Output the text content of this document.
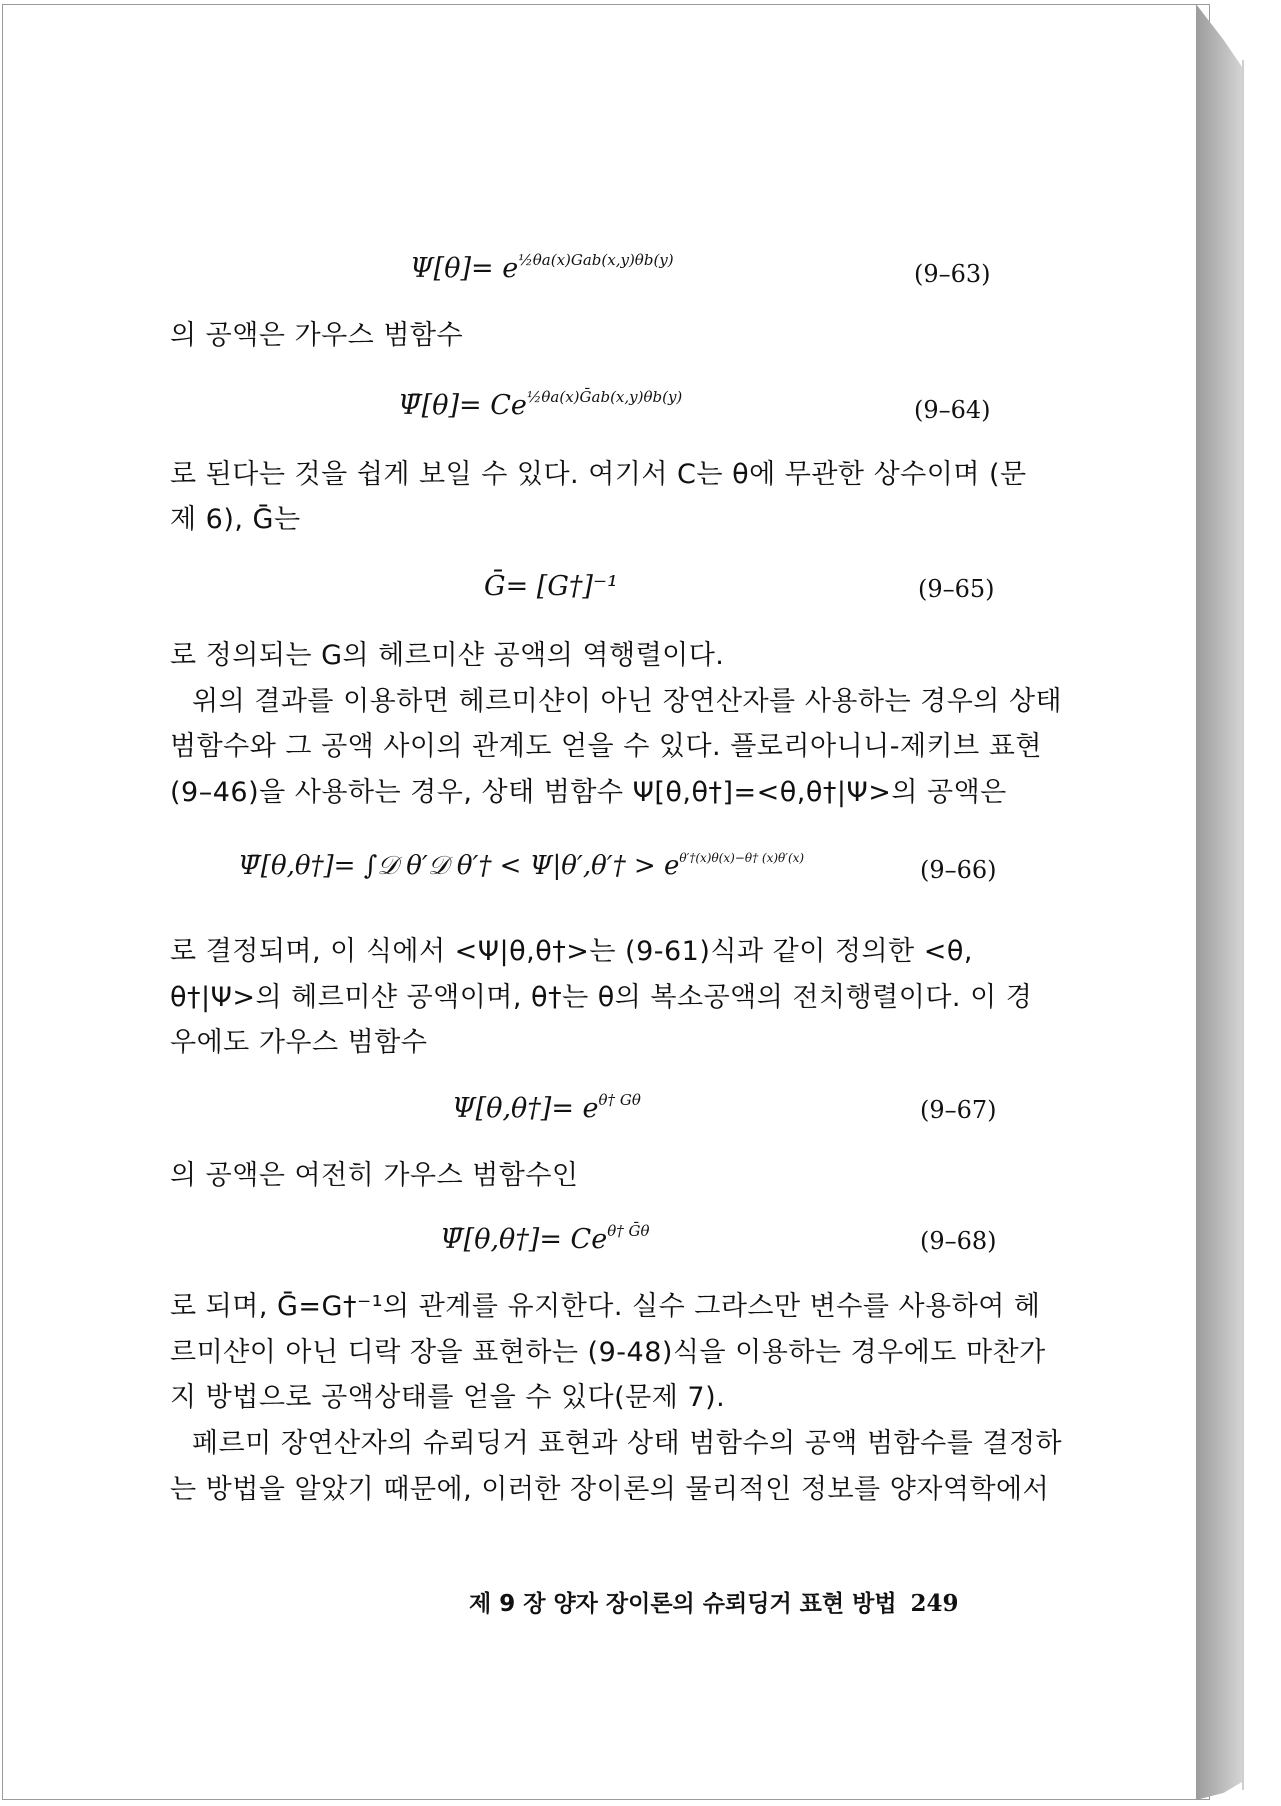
$\Psi[\theta]= e^{\frac{1}{2}\theta a(x)Gab(x,y)\theta b(y)}$	(9–63)
의 공액은 가우스 범함수
Ψ̄[θ]= $Ce^{\frac{1}{2}\theta a(x)Ḡab(x,y)\theta b(y)}$	(9–64)
로 된다는 것을 쉽게 보일 수 있다. 여기서 C는 θ에 무관한 상수이며 (문
제 6), Ḡ는
Ḡ= [G†]⁻¹	(9–65)
로 정의되는 G의 헤르미샨 공액의 역행렬이다.
위의 결과를 이용하면 헤르미샨이 아닌 장연산자를 사용하는 경우의 상태
범함수와 그 공액 사이의 관계도 얻을 수 있다. 플로리아니니-제키브 표현
(9–46)을 사용하는 경우, 상태 범함수 Ψ[θ,θ†]=<θ,θ†|Ψ>의 공액은
Ψ̄[θ,θ†]= ∫𝒟 θ′𝒟 θ′† < Ψ|θ′,θ′† > $e^{\theta'\dagger(x)\theta(x)-\theta\dagger (x)\theta'(x)}$	(9–66)
로 결정되며, 이 식에서 <Ψ|θ,θ†>는 (9-61)식과 같이 정의한 <θ,
θ†|Ψ>의 헤르미샨 공액이며, θ†는 θ의 복소공액의 전치행렬이다. 이 경
우에도 가우스 범함수
Ψ[θ,θ†]= $e^{\theta\dagger G\theta}$	(9–67)
의 공액은 여전히 가우스 범함수인
Ψ̄[θ,θ†]= $Ce^{\theta\dagger Ḡ\theta}$	(9–68)
로 되며, Ḡ=G†⁻¹의 관계를 유지한다. 실수 그라스만 변수를 사용하여 헤
르미샨이 아닌 디락 장을 표현하는 (9-48)식을 이용하는 경우에도 마찬가
지 방법으로 공액상태를 얻을 수 있다(문제 7).
페르미 장연산자의 슈뢰딩거 표현과 상태 범함수의 공액 범함수를 결정하
는 방법을 알았기 때문에, 이러한 장이론의 물리적인 정보를 양자역학에서
제 9 장 양자 장이론의 슈뢰딩거 표현 방법 249
